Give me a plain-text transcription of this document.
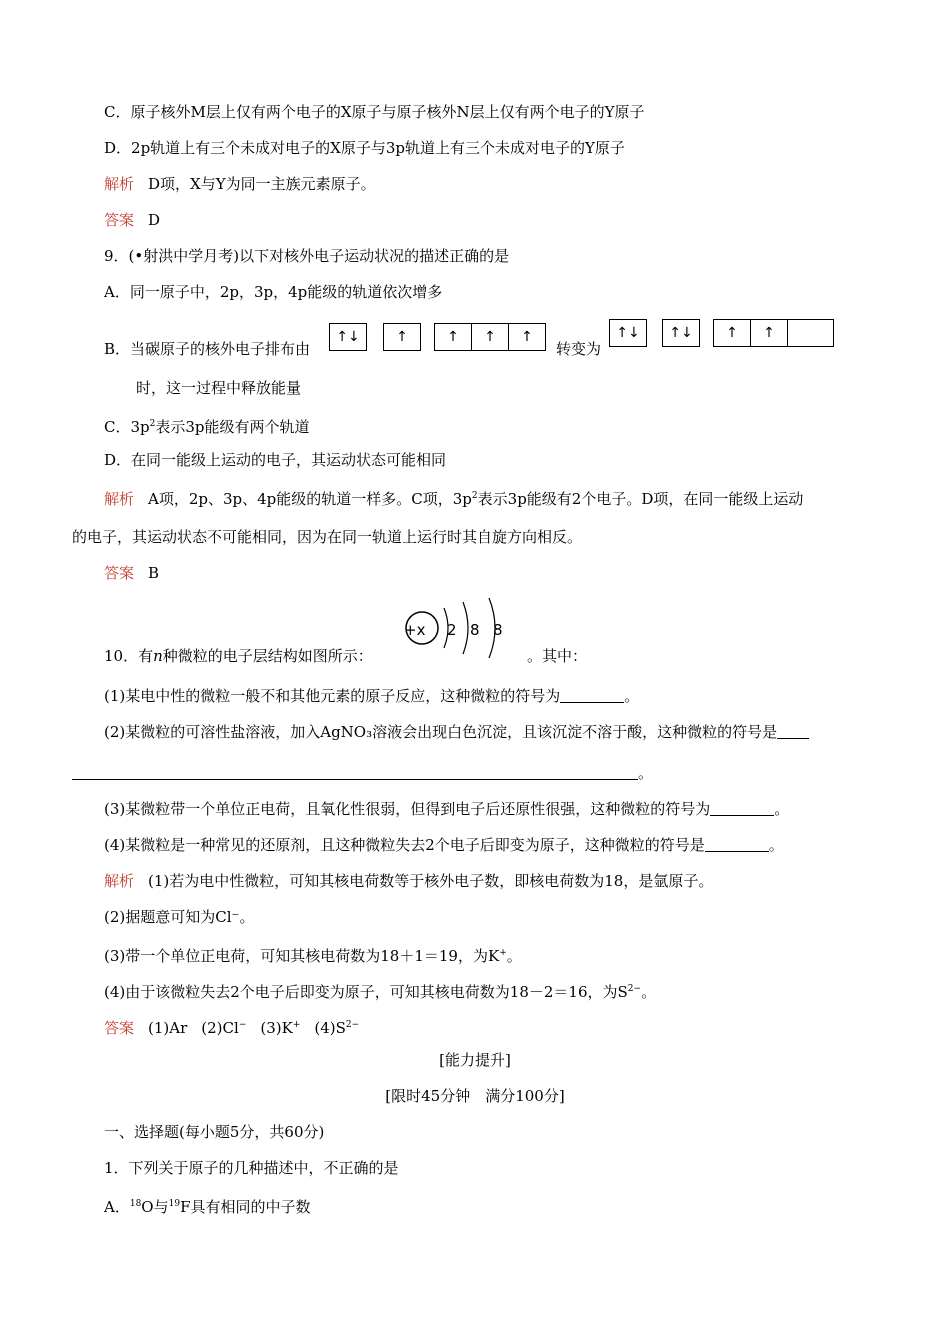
C．原子核外M层上仅有两个电子的X原子与原子核外N层上仅有两个电子的Y原子
D．2p轨道上有三个未成对电子的X原子与3p轨道上有三个未成对电子的Y原子
解析 D项，X与Y为同一主族元素原子。
答案 D
9．(•射洪中学月考)以下对核外电子运动状况的描述正确的是
A．同一原子中，2p，3p，4p能级的轨道依次增多
B．当碳原子的核外电子排布由
↑↓	↑	↑	↑	↑
转变为
↑↓	↑↓	↑	↑
时，这一过程中释放能量
C．$3p^2$表示3p能级有两个轨道
D．在同一能级上运动的电子，其运动状态可能相同
解析 A项，2p、3p、4p能级的轨道一样多。C项，$3p^2$表示3p能级有2个电子。D项，在同一能级上运动
的电子，其运动状态不可能相同，因为在同一轨道上运行时其自旋方向相反。
答案 B
+x 2 8 8
10．有n种微粒的电子层结构如图所示：	。其中：
(1)某电中性的微粒一般不和其他元素的原子反应，这种微粒的符号为	。
(2)某微粒的可溶性盐溶液，加入AgNO₃溶液会出现白色沉淀，且该沉淀不溶于酸，这种微粒的符号是
。
(3)某微粒带一个单位正电荷，且氧化性很弱，但得到电子后还原性很强，这种微粒的符号为	。
(4)某微粒是一种常见的还原剂，且这种微粒失去2个电子后即变为原子，这种微粒的符号是	。
解析 (1)若为电中性微粒，可知其核电荷数等于核外电子数，即核电荷数为18，是氩原子。
(2)据题意可知为Cl⁻。
(3)带一个单位正电荷，可知其核电荷数为18＋1＝19，为K+。
(4)由于该微粒失去2个电子后即变为原子，可知其核电荷数为18－2＝16，为$S^{2-}$。
答案 (1)Ar (2)Cl− (3)K+ $(4)S^{2-}$
[能力提升]
[限时45分钟　满分100分]
一、选择题(每小题5分，共60分)
1．下列关于原子的几种描述中，不正确的是
A．$^{18}$O与$^{19}$F具有相同的中子数
